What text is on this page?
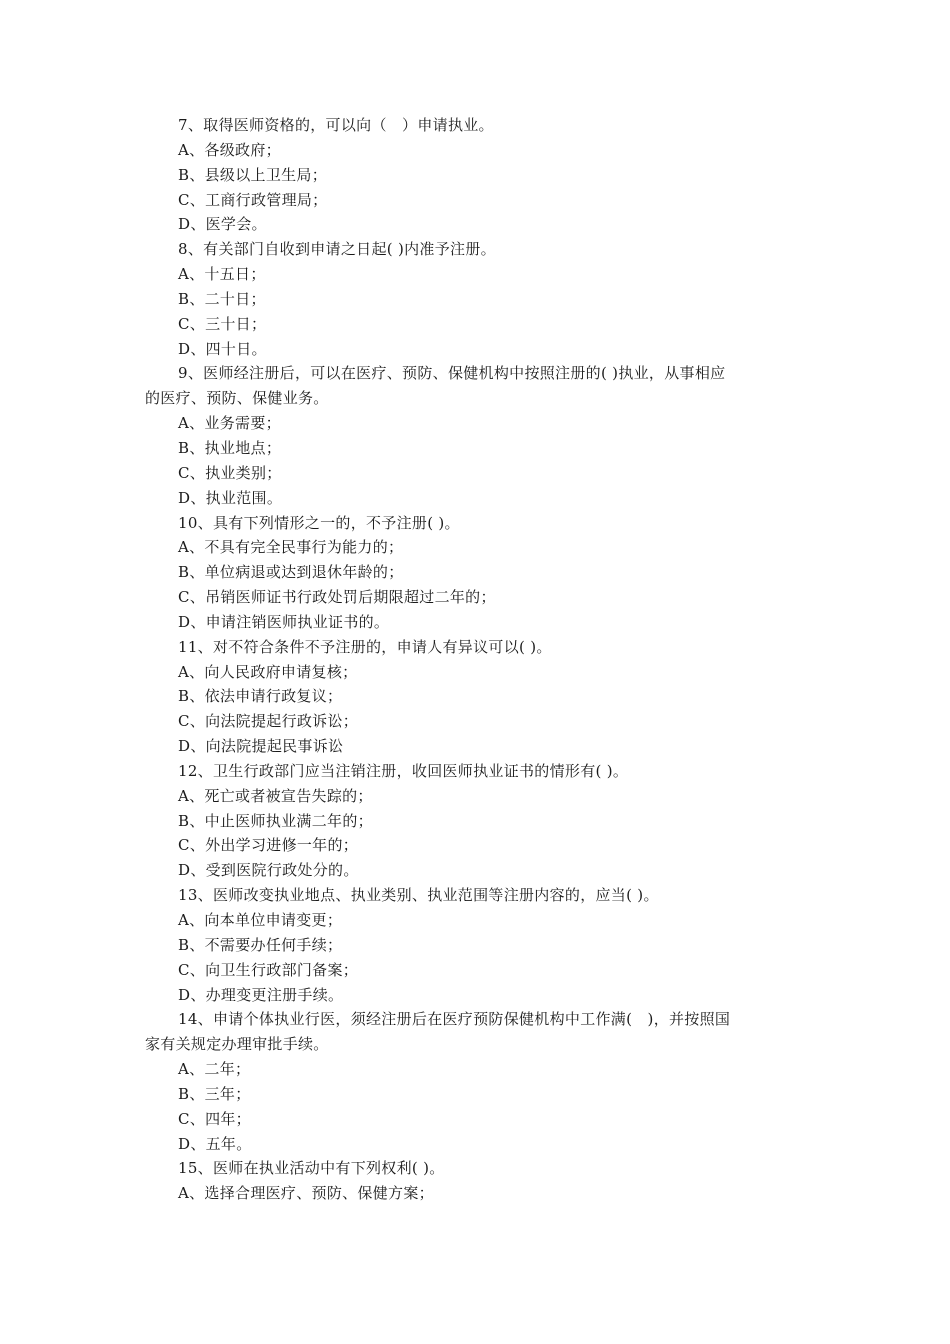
7、取得医师资格的，可以向（　）申请执业。
A、各级政府；
B、县级以上卫生局；
C、工商行政管理局；
D、医学会。
8、有关部门自收到申请之日起( )内准予注册。
A、十五日；
B、二十日；
C、三十日；
D、四十日。
9、医师经注册后，可以在医疗、预防、保健机构中按照注册的( )执业，从事相应
的医疗、预防、保健业务。
A、业务需要；
B、执业地点；
C、执业类别；
D、执业范围。
10、具有下列情形之一的，不予注册( )。
A、不具有完全民事行为能力的；
B、单位病退或达到退休年龄的；
C、吊销医师证书行政处罚后期限超过二年的；
D、申请注销医师执业证书的。
11、对不符合条件不予注册的，申请人有异议可以( )。
A、向人民政府申请复核；
B、依法申请行政复议；
C、向法院提起行政诉讼；
D、向法院提起民事诉讼
12、卫生行政部门应当注销注册，收回医师执业证书的情形有( )。
A、死亡或者被宣告失踪的；
B、中止医师执业满二年的；
C、外出学习进修一年的；
D、受到医院行政处分的。
13、医师改变执业地点、执业类别、执业范围等注册内容的，应当( )。
A、向本单位申请变更；
B、不需要办任何手续；
C、向卫生行政部门备案；
D、办理变更注册手续。
14、申请个体执业行医，须经注册后在医疗预防保健机构中工作满(　)，并按照国
家有关规定办理审批手续。
A、二年；
B、三年；
C、四年；
D、五年。
15、医师在执业活动中有下列权利( )。
A、选择合理医疗、预防、保健方案；
